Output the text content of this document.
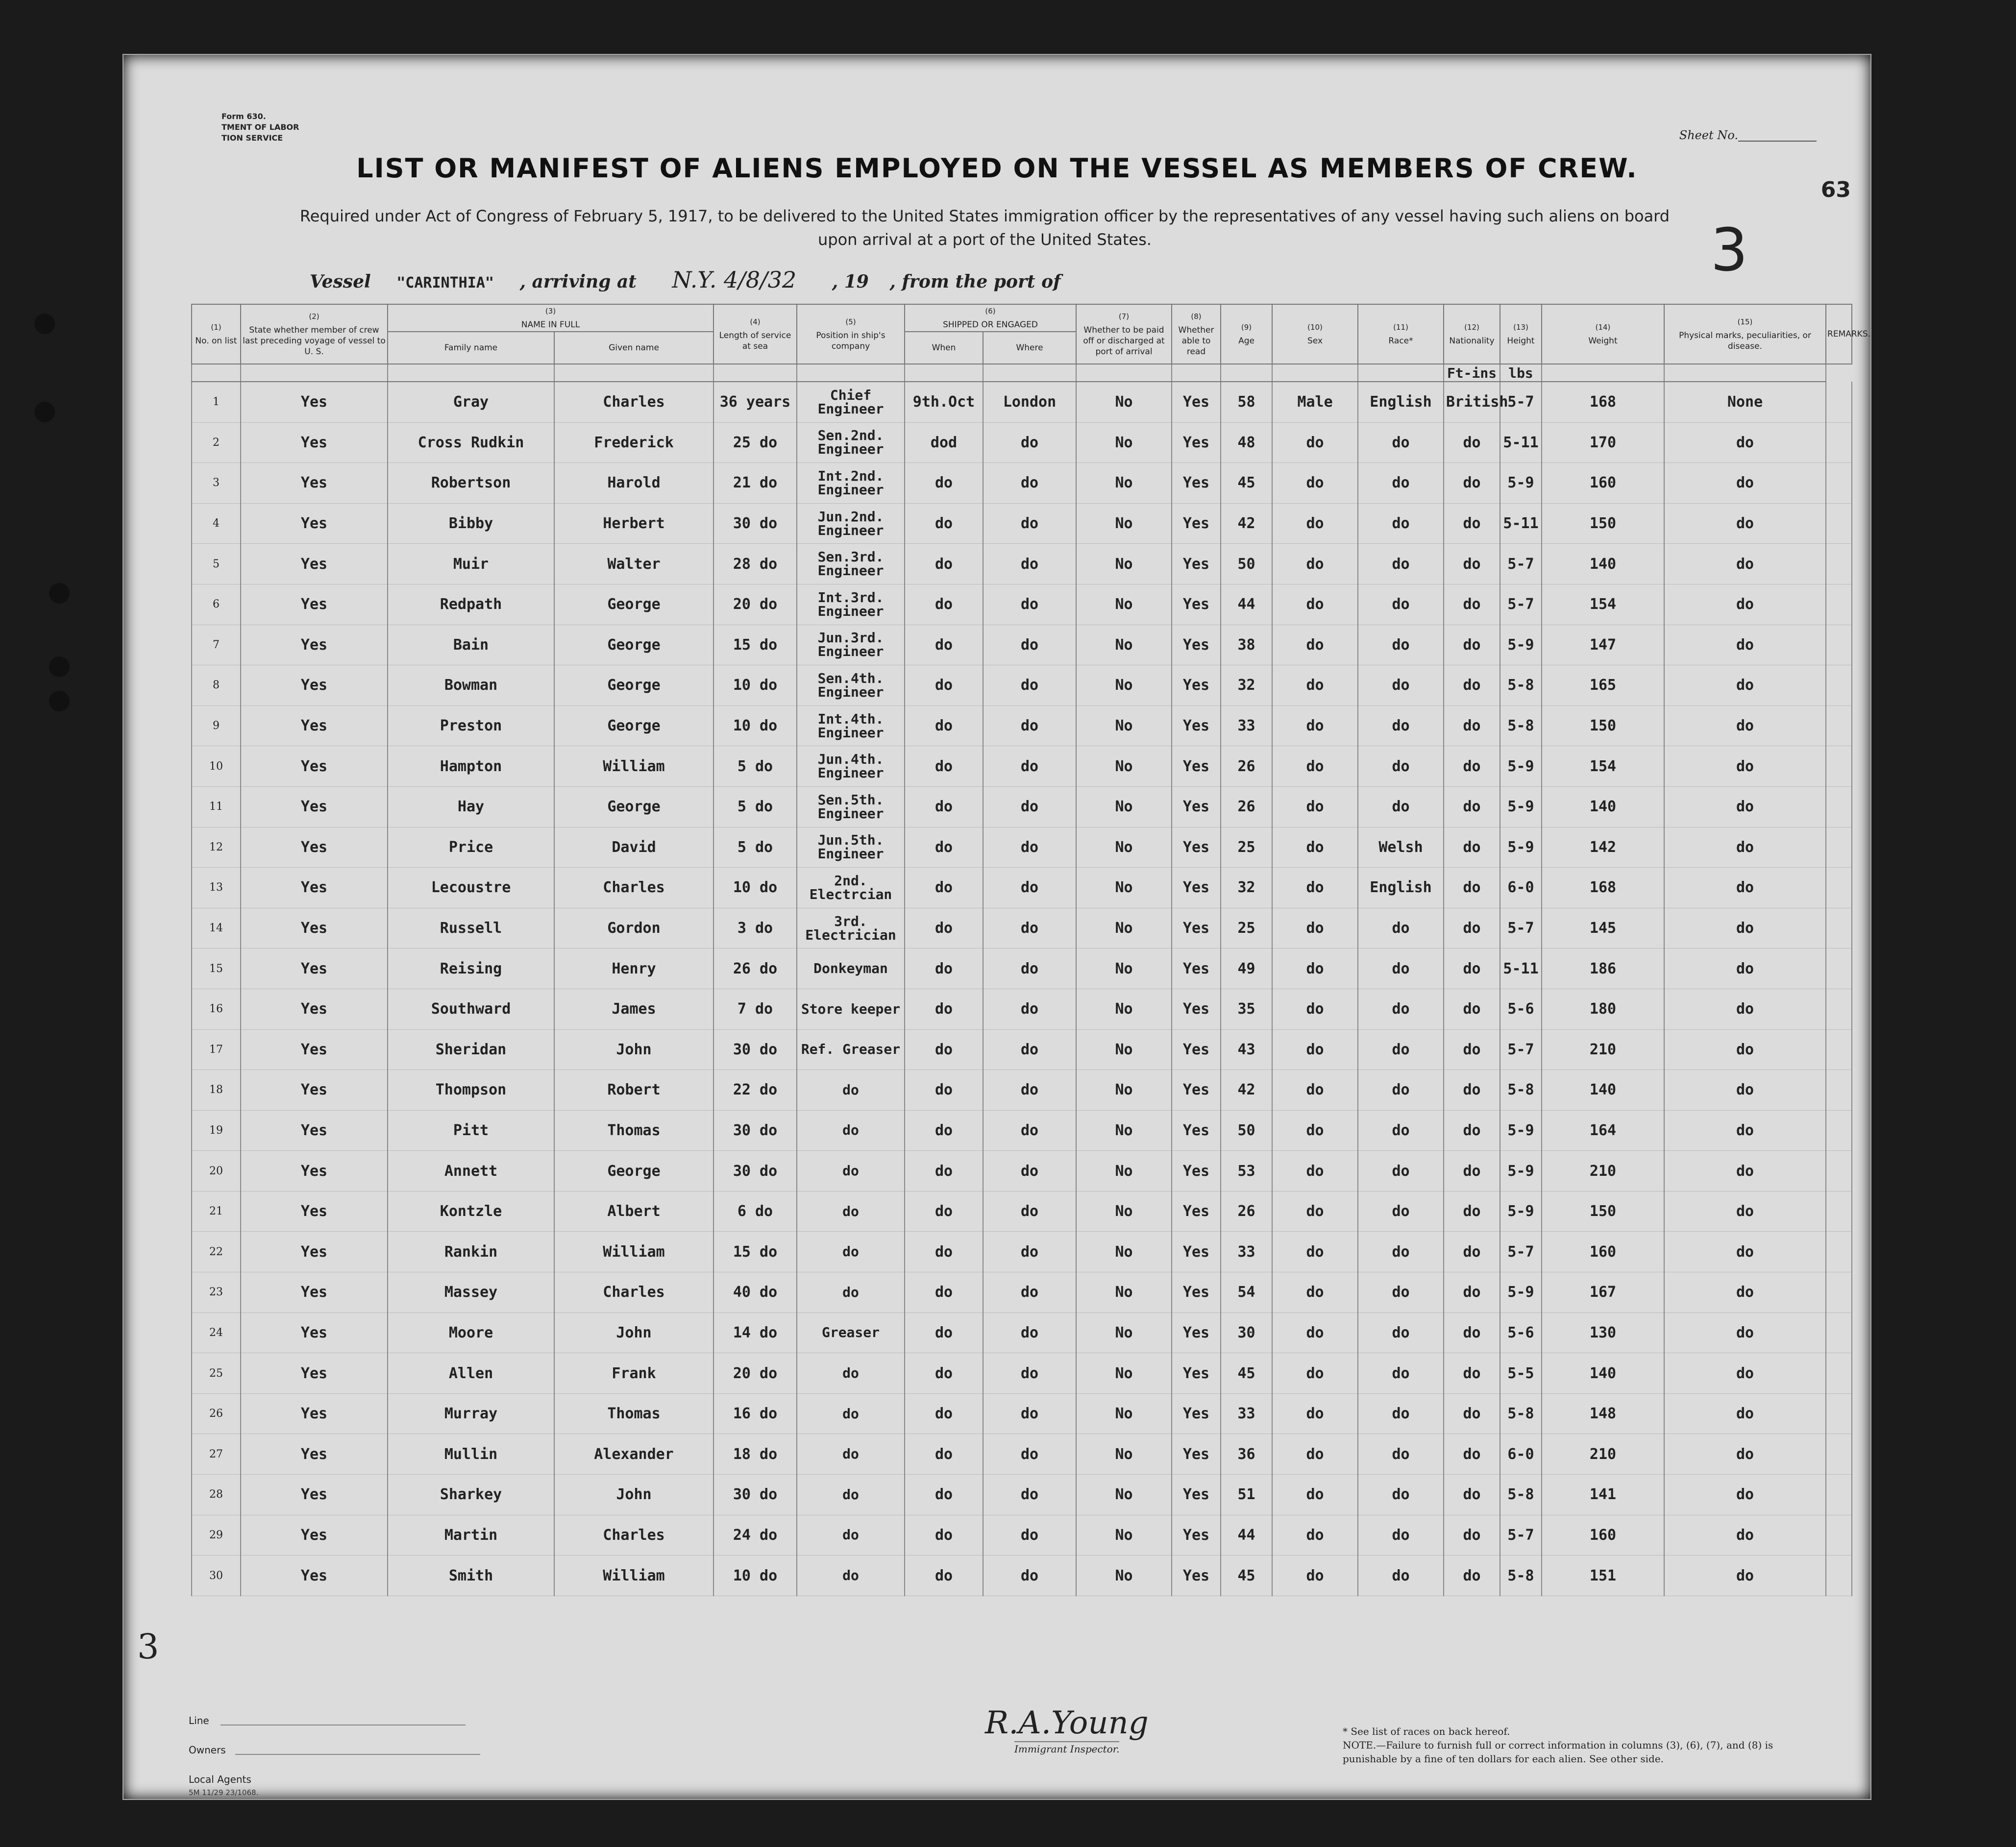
Form 630.
TMENT OF LABOR
TION SERVICE	Sheet No.
3
63
LIST OR MANIFEST OF ALIENS EMPLOYED ON THE VESSEL AS MEMBERS OF CREW.
Required under Act of Congress of February 5, 1917, to be delivered to the United States immigration officer by the representatives of any vessel having such aliens on board upon arrival at a port of the United States.
Vessel "CARINTHIA" , arriving at N.Y. 4/8/32 , 19 , from the port of
(1)
No. on list	(2)
State whether member of crew last preceding voyage of vessel to U. S.	(3)
NAME IN FULL		(4)
Length of service at sea	(5)
Position in ship's company	(6)
SHIPPED OR ENGAGED		(7)
Whether to be paid off or discharged at port of arrival	(8)
Whether able to read	(9)
Age	(10)
Sex	(11)
Race*	(12)
Nationality	(13)
Height	(14)
Weight	(15)
Physical marks, peculiarities, or disease.	REMARKS.
		Family name	Given name			When	Where										
													Ft-ins	lbs			
1	Yes	Gray	Charles	36 years	Chief Engineer	9th.Oct	London	No	Yes	58	Male	English	British	5-7	168	None	
2	Yes	Cross Rudkin	Frederick	25 do	Sen.2nd. Engineer	dod	do	No	Yes	48	do	do	do	5-11	170	do	
3	Yes	Robertson	Harold	21 do	Int.2nd. Engineer	do	do	No	Yes	45	do	do	do	5-9	160	do	
4	Yes	Bibby	Herbert	30 do	Jun.2nd. Engineer	do	do	No	Yes	42	do	do	do	5-11	150	do	
5	Yes	Muir	Walter	28 do	Sen.3rd. Engineer	do	do	No	Yes	50	do	do	do	5-7	140	do	
6	Yes	Redpath	George	20 do	Int.3rd. Engineer	do	do	No	Yes	44	do	do	do	5-7	154	do	
7	Yes	Bain	George	15 do	Jun.3rd. Engineer	do	do	No	Yes	38	do	do	do	5-9	147	do	
8	Yes	Bowman	George	10 do	Sen.4th. Engineer	do	do	No	Yes	32	do	do	do	5-8	165	do	
9	Yes	Preston	George	10 do	Int.4th. Engineer	do	do	No	Yes	33	do	do	do	5-8	150	do	
10	Yes	Hampton	William	5 do	Jun.4th. Engineer	do	do	No	Yes	26	do	do	do	5-9	154	do	
11	Yes	Hay	George	5 do	Sen.5th. Engineer	do	do	No	Yes	26	do	do	do	5-9	140	do	
12	Yes	Price	David	5 do	Jun.5th. Engineer	do	do	No	Yes	25	do	Welsh	do	5-9	142	do	
13	Yes	Lecoustre	Charles	10 do	2nd. Electrcian	do	do	No	Yes	32	do	English	do	6-0	168	do	
14	Yes	Russell	Gordon	3 do	3rd. Electrician	do	do	No	Yes	25	do	do	do	5-7	145	do	
15	Yes	Reising	Henry	26 do	Donkeyman	do	do	No	Yes	49	do	do	do	5-11	186	do	
16	Yes	Southward	James	7 do	Store keeper	do	do	No	Yes	35	do	do	do	5-6	180	do	
17	Yes	Sheridan	John	30 do	Ref. Greaser	do	do	No	Yes	43	do	do	do	5-7	210	do	
18	Yes	Thompson	Robert	22 do	do	do	do	No	Yes	42	do	do	do	5-8	140	do	
19	Yes	Pitt	Thomas	30 do	do	do	do	No	Yes	50	do	do	do	5-9	164	do	
20	Yes	Annett	George	30 do	do	do	do	No	Yes	53	do	do	do	5-9	210	do	
21	Yes	Kontzle	Albert	6 do	do	do	do	No	Yes	26	do	do	do	5-9	150	do	
22	Yes	Rankin	William	15 do	do	do	do	No	Yes	33	do	do	do	5-7	160	do	
23	Yes	Massey	Charles	40 do	do	do	do	No	Yes	54	do	do	do	5-9	167	do	
24	Yes	Moore	John	14 do	Greaser	do	do	No	Yes	30	do	do	do	5-6	130	do	
25	Yes	Allen	Frank	20 do	do	do	do	No	Yes	45	do	do	do	5-5	140	do	
26	Yes	Murray	Thomas	16 do	do	do	do	No	Yes	33	do	do	do	5-8	148	do	
27	Yes	Mullin	Alexander	18 do	do	do	do	No	Yes	36	do	do	do	6-0	210	do	
28	Yes	Sharkey	John	30 do	do	do	do	No	Yes	51	do	do	do	5-8	141	do	
29	Yes	Martin	Charles	24 do	do	do	do	No	Yes	44	do	do	do	5-7	160	do	
30	Yes	Smith	William	10 do	do	do	do	No	Yes	45	do	do	do	5-8	151	do	
3
Line
Owners
Local Agents
5M 11/29 23/1068.
R.A.Young
Immigrant Inspector.
* See list of races on back hereof.
NOTE.—Failure to furnish full or correct information in columns (3), (6), (7), and (8) is punishable by a fine of ten dollars for each alien. See other side.
